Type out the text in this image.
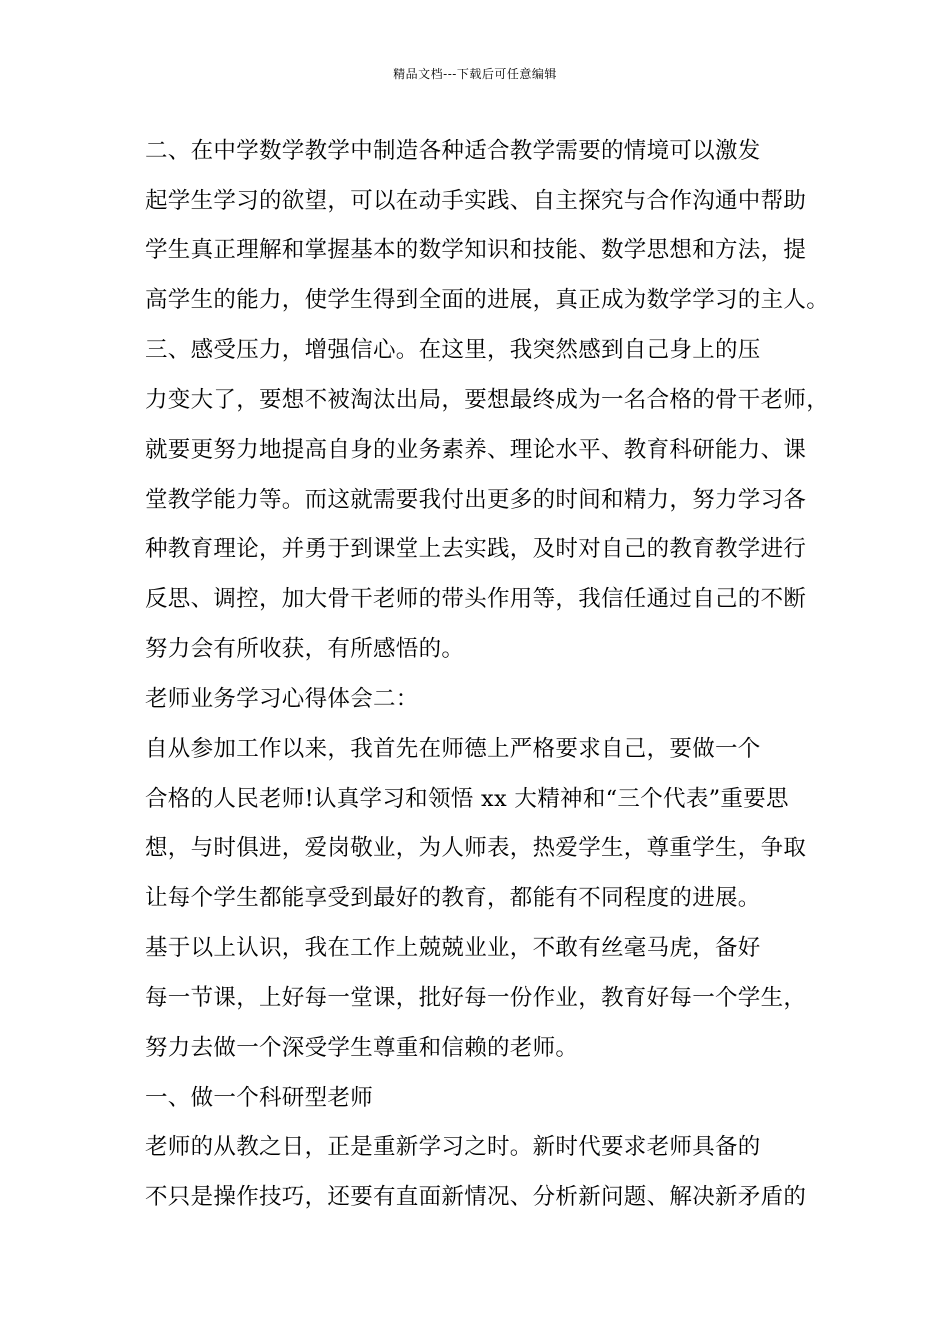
精品文档---下载后可任意编辑
二、在中学数学教学中制造各种适合教学需要的情境可以激发
起学生学习的欲望，可以在动手实践、自主探究与合作沟通中帮助
学生真正理解和掌握基本的数学知识和技能、数学思想和方法，提
高学生的能力，使学生得到全面的进展，真正成为数学学习的主人。
三、感受压力，增强信心。在这里，我突然感到自己身上的压
力变大了，要想不被淘汰出局，要想最终成为一名合格的骨干老师，
就要更努力地提高自身的业务素养、理论水平、教育科研能力、课
堂教学能力等。而这就需要我付出更多的时间和精力，努力学习各
种教育理论，并勇于到课堂上去实践，及时对自己的教育教学进行
反思、调控，加大骨干老师的带头作用等，我信任通过自己的不断
努力会有所收获，有所感悟的。
老师业务学习心得体会二：
自从参加工作以来，我首先在师德上严格要求自己，要做一个
合格的人民老师!认真学习和领悟 xx 大精神和“三个代表”重要思
想，与时俱进，爱岗敬业，为人师表，热爱学生，尊重学生，争取
让每个学生都能享受到最好的教育，都能有不同程度的进展。
基于以上认识，我在工作上兢兢业业，不敢有丝毫马虎，备好
每一节课，上好每一堂课，批好每一份作业，教育好每一个学生，
努力去做一个深受学生尊重和信赖的老师。
一、做一个科研型老师
老师的从教之日，正是重新学习之时。新时代要求老师具备的
不只是操作技巧，还要有直面新情况、分析新问题、解决新矛盾的
